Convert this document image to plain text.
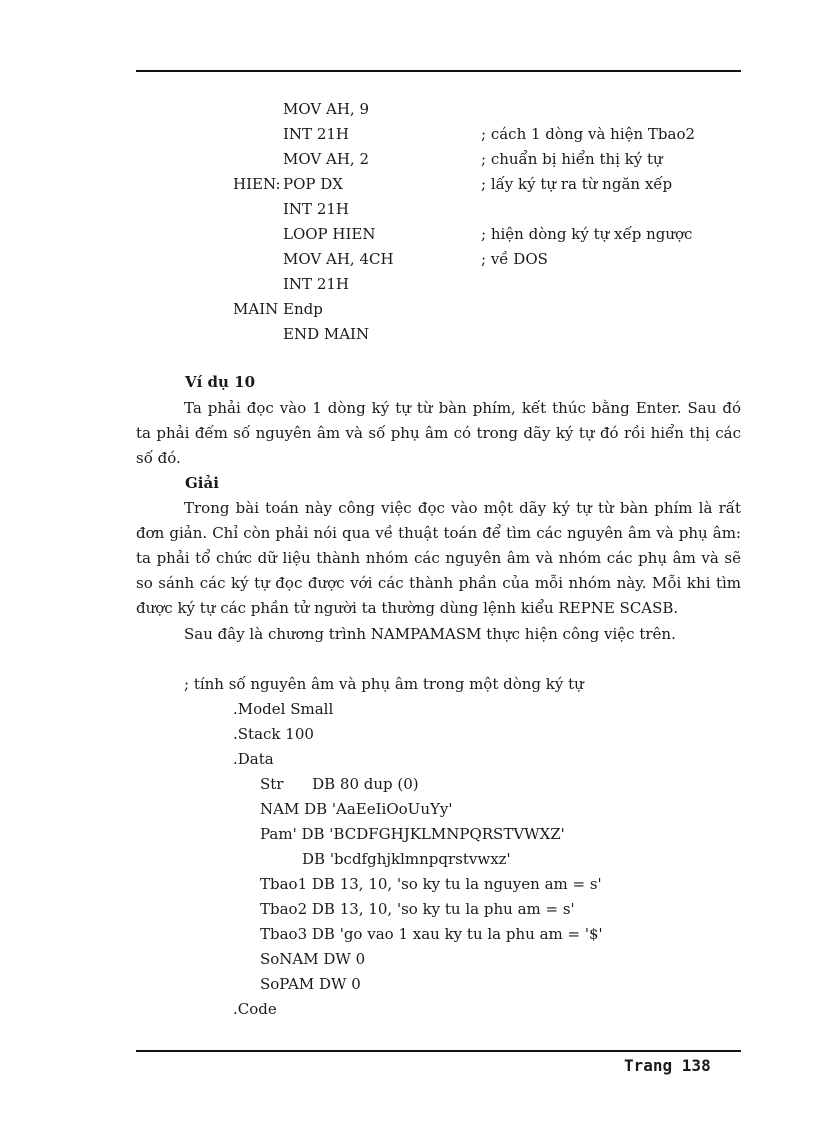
MOV AH, 9
INT 21H	; cách 1 dòng và hiện Tbao2
MOV AH, 2	; chuẩn bị hiển thị ký tự
HIEN: POP DX	; lấy ký tự ra từ ngăn xếp
INT 21H
LOOP HIEN	; hiện dòng ký tự xếp ngược
MOV AH, 4CH	; về DOS
INT 21H
MAIN Endp
END MAIN
Ví dụ 10
Ta phải đọc vào 1 dòng ký tự từ bàn phím, kết thúc bằng Enter. Sau đó ta phải đếm số nguyên âm và số phụ âm có trong dãy ký tự đó rồi hiển thị các số đó.
Giải
Trong bài toán này công việc đọc vào một dãy ký tự từ bàn phím là rất đơn giản. Chỉ còn phải nói qua về thuật toán để tìm các nguyên âm và phụ âm: ta phải tổ chức dữ liệu thành nhóm các nguyên âm và nhóm các phụ âm và sẽ so sánh các ký tự đọc được với các thành phần của mỗi nhóm này. Mỗi khi tìm được ký tự các phần tử người ta thường dùng lệnh kiểu REPNE SCASB.
Sau đây là chương trình NAMPAMASM thực hiện công việc trên.
; tính số nguyên âm và phụ âm trong một dòng ký tự
.Model Small
.Stack 100
.Data
Str      DB 80 dup (0)
NAM DB 'AaEeIiOoUuYy'
Pam' DB 'BCDFGHJKLMNPQRSTVWXZ'
DB 'bcdfghjklmnpqrstvwxz'
Tbao1 DB 13, 10, 'so ky tu la nguyen am = s'
Tbao2 DB 13, 10, 'so ky tu la phu am = s'
Tbao3 DB 'go vao 1 xau ky tu la phu am = '$'
SoNAM DW 0
SoPAM DW 0
.Code
Trang 138
